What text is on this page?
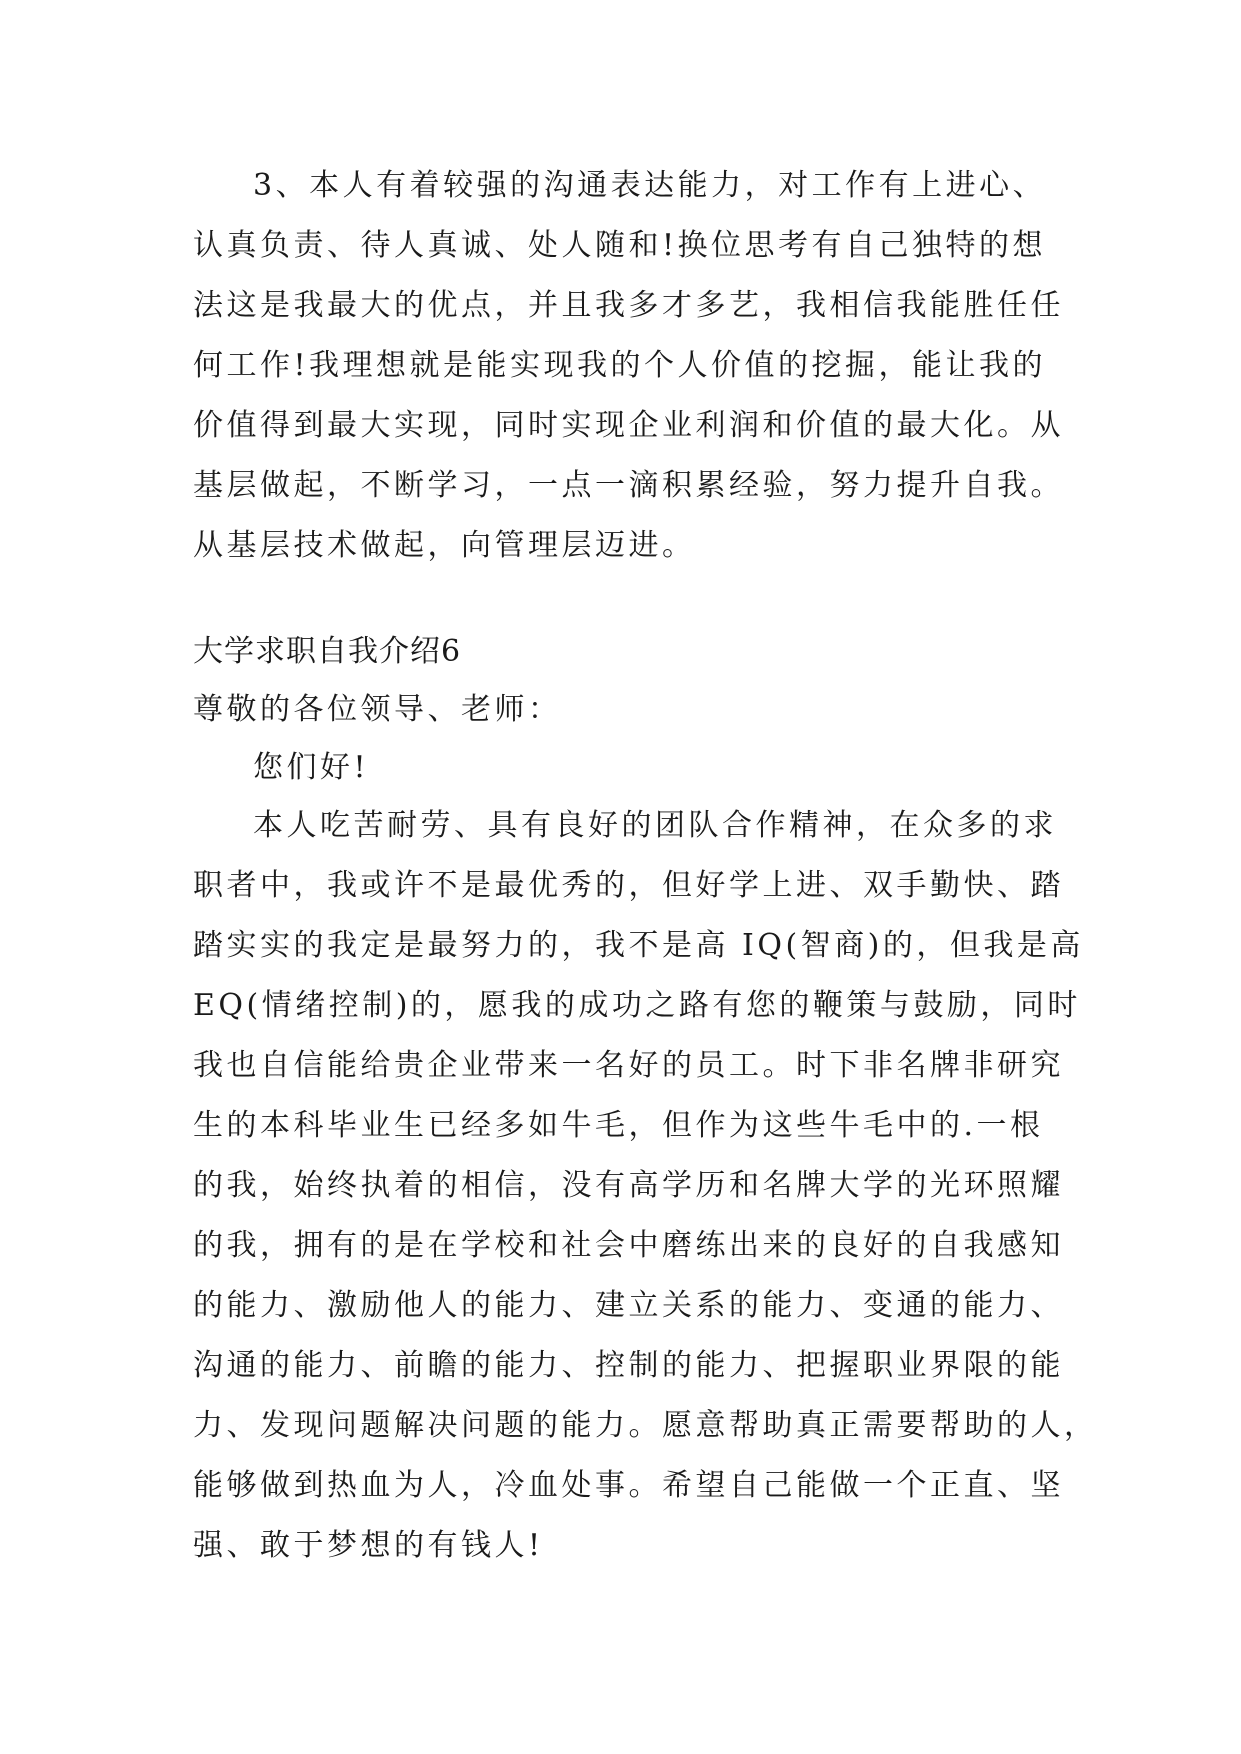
3、本人有着较强的沟通表达能力，对工作有上进心、
认真负责、待人真诚、处人随和!换位思考有自己独特的想
法这是我最大的优点，并且我多才多艺，我相信我能胜任任
何工作!我理想就是能实现我的个人价值的挖掘，能让我的
价值得到最大实现，同时实现企业利润和价值的最大化。从
基层做起，不断学习，一点一滴积累经验，努力提升自我。
从基层技术做起，向管理层迈进。
大学求职自我介绍6
尊敬的各位领导、老师：
您们好!
本人吃苦耐劳、具有良好的团队合作精神，在众多的求
职者中，我或许不是最优秀的，但好学上进、双手勤快、踏
踏实实的我定是最努力的，我不是高 IQ(智商)的，但我是高
EQ(情绪控制)的，愿我的成功之路有您的鞭策与鼓励，同时
我也自信能给贵企业带来一名好的员工。时下非名牌非研究
生的本科毕业生已经多如牛毛，但作为这些牛毛中的.一根
的我，始终执着的相信，没有高学历和名牌大学的光环照耀
的我，拥有的是在学校和社会中磨练出来的良好的自我感知
的能力、激励他人的能力、建立关系的能力、变通的能力、
沟通的能力、前瞻的能力、控制的能力、把握职业界限的能
力、发现问题解决问题的能力。愿意帮助真正需要帮助的人，
能够做到热血为人，冷血处事。希望自己能做一个正直、坚
强、敢于梦想的有钱人!
